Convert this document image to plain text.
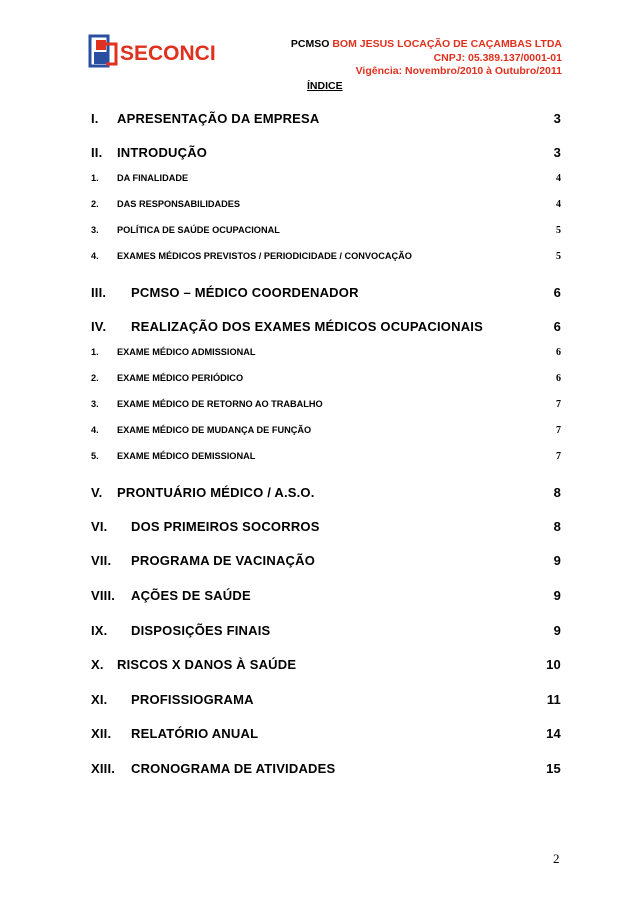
SECONCI	PCMSO BOM JESUS LOCAÇÃO DE CAÇAMBAS LTDA
CNPJ: 05.389.137/0001-01
Vigência: Novembro/2010 à Outubro/2011
ÍNDICE
I. APRESENTAÇÃO DA EMPRESA	3
II. INTRODUÇÃO	3
1. DA FINALIDADE	4
2. DAS RESPONSABILIDADES	4
3. POLÍTICA DE SAÚDE OCUPACIONAL	5
4. EXAMES MÉDICOS PREVISTOS / PERIODICIDADE / CONVOCAÇÃO	5
III. PCMSO – MÉDICO COORDENADOR	6
IV. REALIZAÇÃO DOS EXAMES MÉDICOS OCUPACIONAIS	6
1. EXAME MÉDICO ADMISSIONAL	6
2. EXAME MÉDICO PERIÓDICO	6
3. EXAME MÉDICO DE RETORNO AO TRABALHO	7
4. EXAME MÉDICO DE MUDANÇA DE FUNÇÃO	7
5. EXAME MÉDICO DEMISSIONAL	7
V. PRONTUÁRIO MÉDICO / A.S.O.	8
VI. DOS PRIMEIROS SOCORROS	8
VII. PROGRAMA DE VACINAÇÃO	9
VIII. AÇÕES DE SAÚDE	9
IX. DISPOSIÇÕES FINAIS	9
X. RISCOS X DANOS À SAÚDE	10
XI. PROFISSIOGRAMA	11
XII. RELATÓRIO ANUAL	14
XIII. CRONOGRAMA DE ATIVIDADES	15
2
